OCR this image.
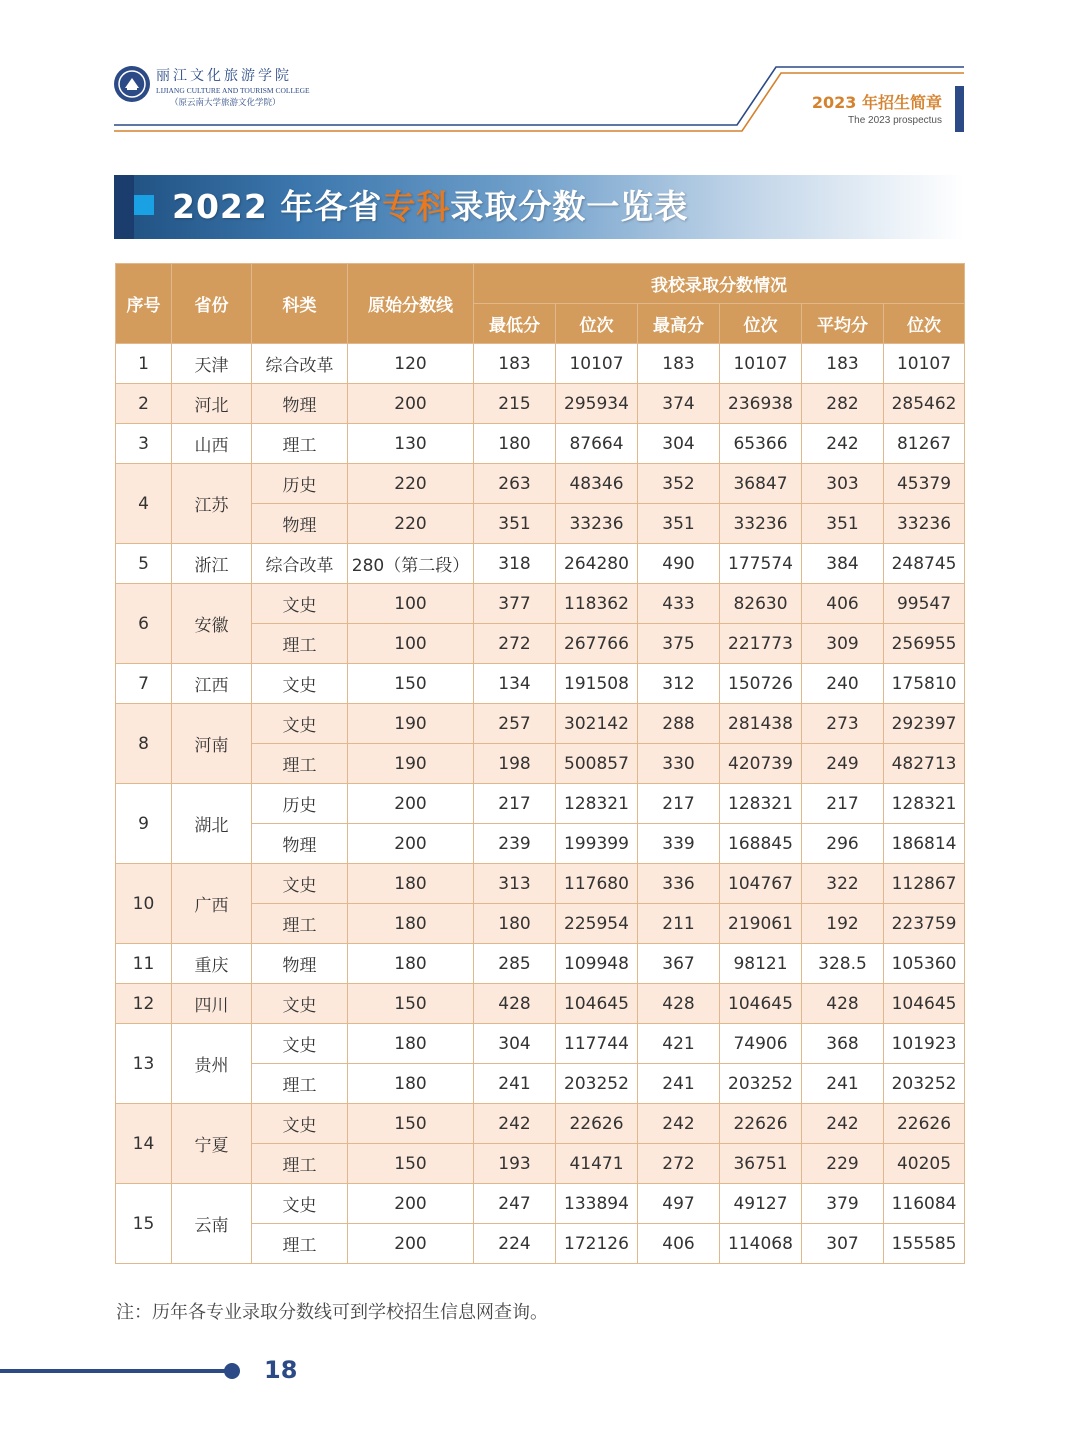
丽江文化旅游学院
LIJIANG CULTURE AND TOURISM COLLEGE
（原云南大学旅游文化学院）	2023 年招生简章
The 2023 prospectus
2022 年各省专科录取分数一览表
序号	省份	科类	原始分数线	我校录取分数情况					
				最低分	位次	最高分	位次	平均分	位次
1	天津	综合改革	120	183	10107	183	10107	183	10107
2	河北	物理	200	215	295934	374	236938	282	285462
3	山西	理工	130	180	87664	304	65366	242	81267
4	江苏	历史	220	263	48346	352	36847	303	45379
		物理	220	351	33236	351	33236	351	33236
5	浙江	综合改革	280（第二段）	318	264280	490	177574	384	248745
6	安徽	文史	100	377	118362	433	82630	406	99547
		理工	100	272	267766	375	221773	309	256955
7	江西	文史	150	134	191508	312	150726	240	175810
8	河南	文史	190	257	302142	288	281438	273	292397
		理工	190	198	500857	330	420739	249	482713
9	湖北	历史	200	217	128321	217	128321	217	128321
		物理	200	239	199399	339	168845	296	186814
10	广西	文史	180	313	117680	336	104767	322	112867
		理工	180	180	225954	211	219061	192	223759
11	重庆	物理	180	285	109948	367	98121	328.5	105360
12	四川	文史	150	428	104645	428	104645	428	104645
13	贵州	文史	180	304	117744	421	74906	368	101923
		理工	180	241	203252	241	203252	241	203252
14	宁夏	文史	150	242	22626	242	22626	242	22626
		理工	150	193	41471	272	36751	229	40205
15	云南	文史	200	247	133894	497	49127	379	116084
		理工	200	224	172126	406	114068	307	155585
注：历年各专业录取分数线可到学校招生信息网查询。
18
